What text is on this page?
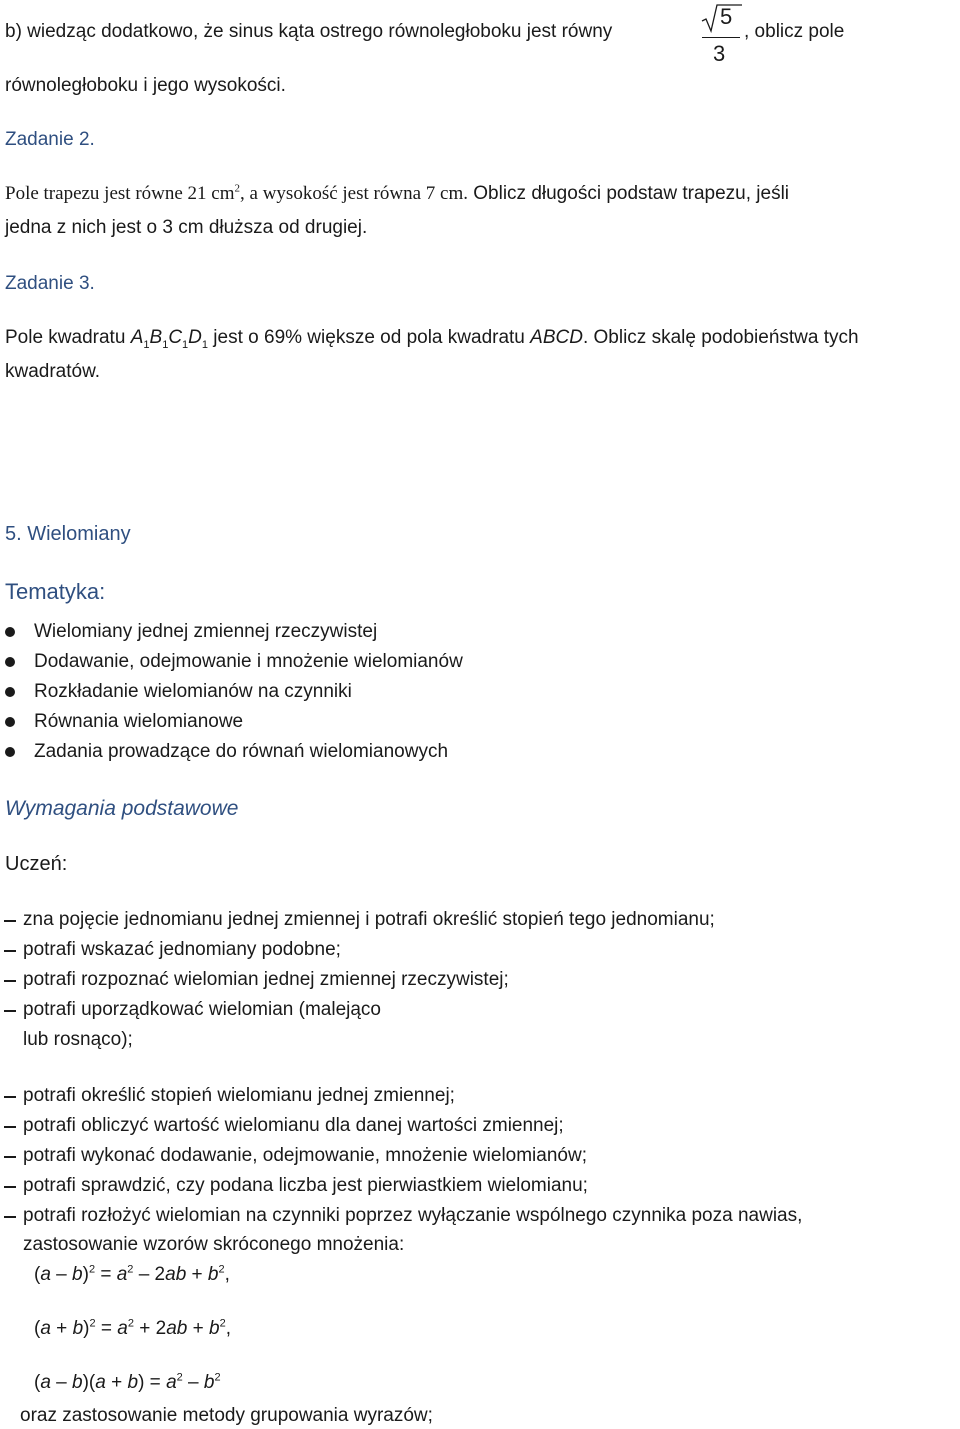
b) wiedząc dodatkowo, że sinus kąta ostrego równoległoboku jest równy
5
3
, oblicz pole
równoległoboku i jego wysokości.
Zadanie 2.
Pole trapezu jest równe 21 $cm^2$, a wysokość jest równa 7 cm. Oblicz długości podstaw trapezu, jeśli
jedna z nich jest o 3 cm dłuższa od drugiej.
Zadanie 3.
Pole kwadratu $A_1B_1C_1D_1$ jest o 69% większe od pola kwadratu ABCD. Oblicz skalę podobieństwa tych
kwadratów.
5. Wielomiany
Tematyka:
Wielomiany jednej zmiennej rzeczywistej
Dodawanie, odejmowanie i mnożenie wielomianów
Rozkładanie wielomianów na czynniki
Równania wielomianowe
Zadania prowadzące do równań wielomianowych
Wymagania podstawowe
Uczeń:
zna pojęcie jednomianu jednej zmiennej i potrafi określić stopień tego jednomianu;
potrafi wskazać jednomiany podobne;
potrafi rozpoznać wielomian jednej zmiennej rzeczywistej;
potrafi uporządkować wielomian (malejąco
lub rosnąco);
potrafi określić stopień wielomianu jednej zmiennej;
potrafi obliczyć wartość wielomianu dla danej wartości zmiennej;
potrafi wykonać dodawanie, odejmowanie, mnożenie wielomianów;
potrafi sprawdzić, czy podana liczba jest pierwiastkiem wielomianu;
potrafi rozłożyć wielomian na czynniki poprzez wyłączanie wspólnego czynnika poza nawias,
zastosowanie wzorów skróconego mnożenia:
$(a - b)^2 = a^2 - 2ab + b^2$,
$(a + b)^2 = a^2 + 2ab + b^2$,
$(a - b)(a + b) = a^2 - b^2$
oraz zastosowanie metody grupowania wyrazów;
